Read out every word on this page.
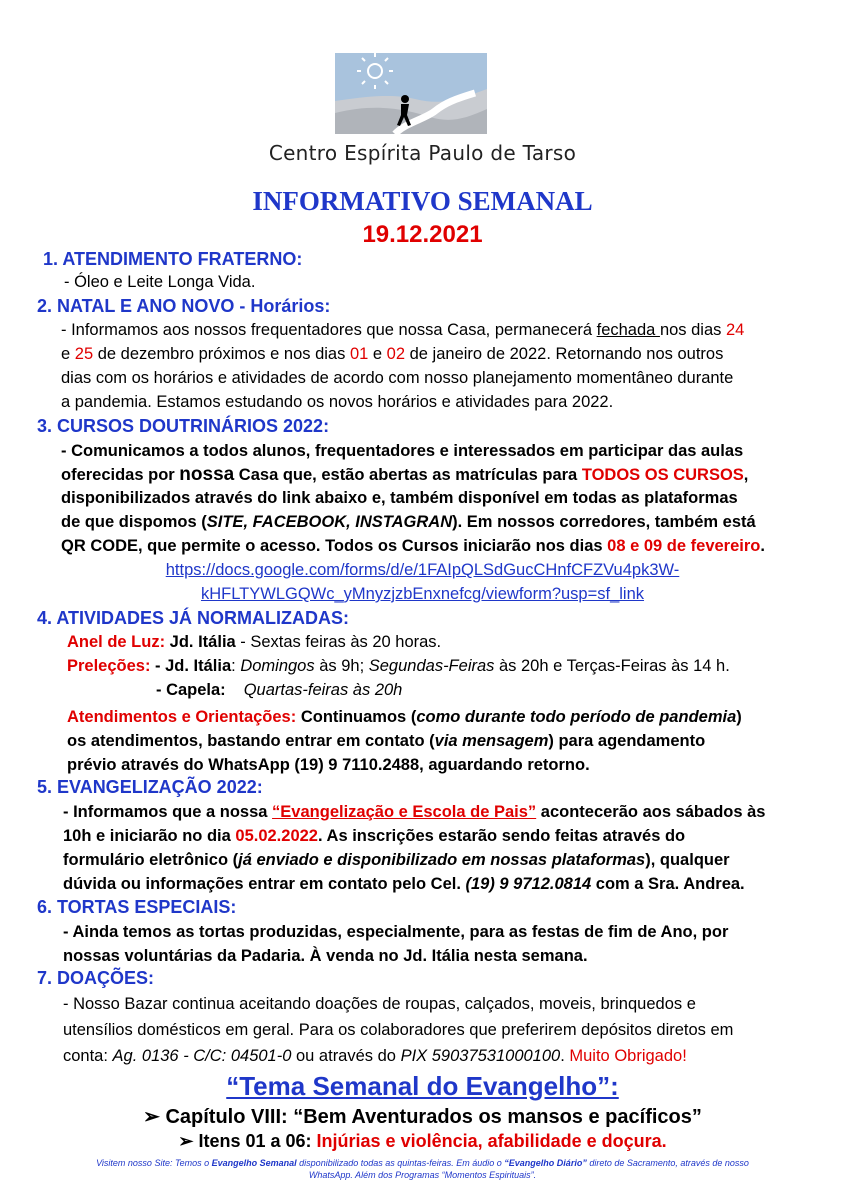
Centro Espírita Paulo de Tarso
INFORMATIVO SEMANAL
19.12.2021
1. ATENDIMENTO FRATERNO:
- Óleo e Leite Longa Vida.
2. NATAL E ANO NOVO - Horários:
- Informamos aos nossos frequentadores que nossa Casa, permanecerá fechada nos dias 24
e 25 de dezembro próximos e nos dias 01 e 02 de janeiro de 2022. Retornando nos outros
dias com os horários e atividades de acordo com nosso planejamento momentâneo durante
a pandemia. Estamos estudando os novos horários e atividades para 2022.
3. CURSOS DOUTRINÁRIOS 2022:
- Comunicamos a todos alunos, frequentadores e interessados em participar das aulas
oferecidas por nossa Casa que, estão abertas as matrículas para TODOS OS CURSOS,
disponibilizados através do link abaixo e, também disponível em todas as plataformas
de que dispomos (SITE, FACEBOOK, INSTAGRAN). Em nossos corredores, também está
QR CODE, que permite o acesso. Todos os Cursos iniciarão nos dias 08 e 09 de fevereiro.
https://docs.google.com/forms/d/e/1FAIpQLSdGucCHnfCFZVu4pk3W-
kHFLTYWLGQWc_yMnyzjzbEnxnefcg/viewform?usp=sf_link
4. ATIVIDADES JÁ NORMALIZADAS:
Anel de Luz: Jd. Itália - Sextas feiras às 20 horas.
Preleções: - Jd. Itália: Domingos às 9h; Segundas-Feiras às 20h e Terças-Feiras às 14 h.
- Capela: Quartas-feiras às 20h
Atendimentos e Orientações: Continuamos (como durante todo período de pandemia)
os atendimentos, bastando entrar em contato (via mensagem) para agendamento
prévio através do WhatsApp (19) 9 7110.2488, aguardando retorno.
5. EVANGELIZAÇÃO 2022:
- Informamos que a nossa “Evangelização e Escola de Pais” acontecerão aos sábados às
10h e iniciarão no dia 05.02.2022. As inscrições estarão sendo feitas através do
formulário eletrônico (já enviado e disponibilizado em nossas plataformas), qualquer
dúvida ou informações entrar em contato pelo Cel. (19) 9 9712.0814 com a Sra. Andrea.
6. TORTAS ESPECIAIS:
- Ainda temos as tortas produzidas, especialmente, para as festas de fim de Ano, por
nossas voluntárias da Padaria. À venda no Jd. Itália nesta semana.
7. DOAÇÕES:
- Nosso Bazar continua aceitando doações de roupas, calçados, moveis, brinquedos e
utensílios domésticos em geral. Para os colaboradores que preferirem depósitos diretos em
conta: Ag. 0136 - C/C: 04501-0 ou através do PIX 59037531000100. Muito Obrigado!
“Tema Semanal do Evangelho”:
➢ Capítulo VIII: “Bem Aventurados os mansos e pacíficos”
➢ Itens 01 a 06: Injúrias e violência, afabilidade e doçura.
Visitem nosso Site: Temos o Evangelho Semanal disponibilizado todas as quintas-feiras. Em áudio o “Evangelho Diário” direto de Sacramento, através de nosso
WhatsApp. Além dos Programas “Momentos Espirituais”.
